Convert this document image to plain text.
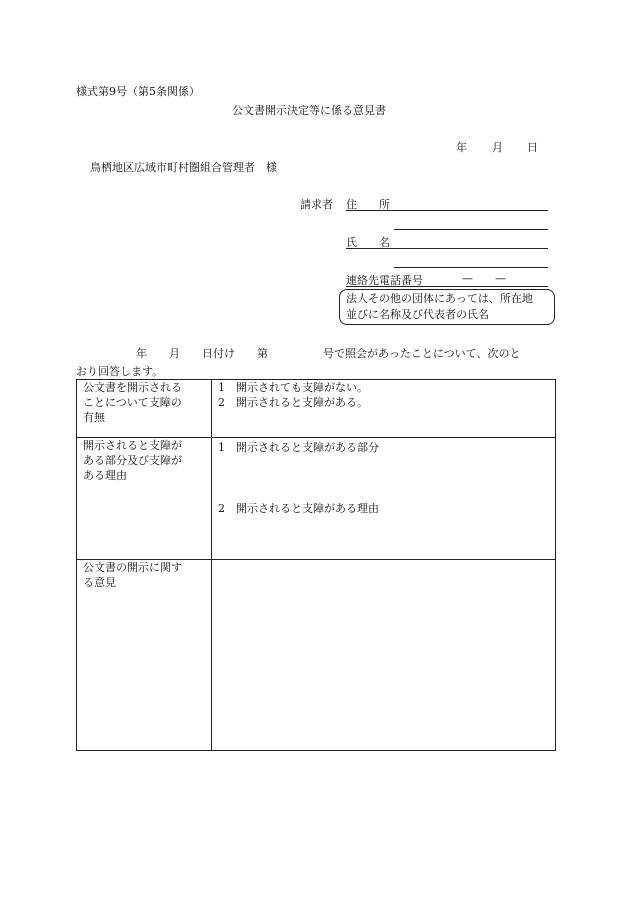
様式第9号（第5条関係）
公文書開示決定等に係る意見書
年 月 日
鳥栖地区広域市町村圏組合管理者　様
請求者 住　　所
氏　　名
連絡先電話番号	—　　—
法人その他の団体にあっては、所在地
並びに名称及び代表者の氏名
年　　月　　日付け　　第　　　　　号で照会があったことについて、次のと
おり回答します。
公文書を開示される
ことについて支障の
有無	1　開示されても支障がない。
2　開示されると支障がある。

開示されると支障が
ある部分及び支障が
ある理由	1　開示されると支障がある部分
2　開示されると支障がある理由

公文書の開示に関す
る意見	
